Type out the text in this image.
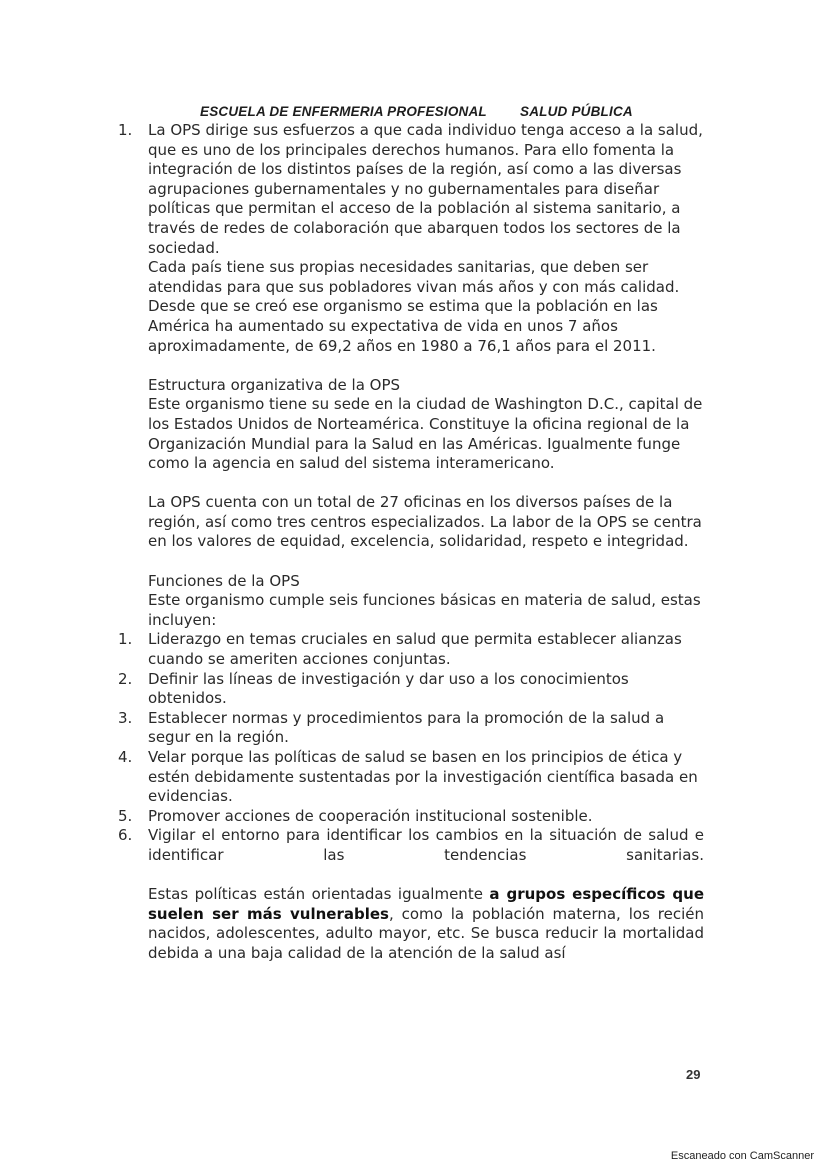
ESCUELA DE ENFERMERIA PROFESIONAL SALUD PÚBLICA
1.	La OPS dirige sus esfuerzos a que cada individuo tenga acceso a la salud, que es uno de los principales derechos humanos. Para ello fomenta la integración de los distintos países de la región, así como a las diversas agrupaciones gubernamentales y no gubernamentales para diseñar políticas que permitan el acceso de la población al sistema sanitario, a través de redes de colaboración que abarquen todos los sectores de la sociedad.

Cada país tiene sus propias necesidades sanitarias, que deben ser atendidas para que sus pobladores vivan más años y con más calidad. Desde que se creó ese organismo se estima que la población en las América ha aumentado su expectativa de vida en unos 7 años aproximadamente, de 69,2 años en 1980 a 76,1 años para el 2011.

Estructura organizativa de la OPS

Este organismo tiene su sede en la ciudad de Washington D.C., capital de los Estados Unidos de Norteamérica. Constituye la oficina regional de la Organización Mundial para la Salud en las Américas. Igualmente funge como la agencia en salud del sistema interamericano.

La OPS cuenta con un total de 27 oficinas en los diversos países de la región, así como tres centros especializados. La labor de la OPS se centra en los valores de equidad, excelencia, solidaridad, respeto e integridad.

Funciones de la OPS

Este organismo cumple seis funciones básicas en materia de salud, estas incluyen:

1.	Liderazgo en temas cruciales en salud que permita establecer alianzas cuando se ameriten acciones conjuntas.

2.	Definir las líneas de investigación y dar uso a los conocimientos obtenidos.

3.	Establecer normas y procedimientos para la promoción de la salud a segur en la región.

4.	Velar porque las políticas de salud se basen en los principios de ética y estén debidamente sustentadas por la investigación científica basada en evidencias.

5.	Promover acciones de cooperación institucional sostenible.

6.	Vigilar el entorno para identificar los cambios en la situación de salud e identificar las tendencias sanitarias.

Estas políticas están orientadas igualmente a grupos específicos que suelen ser más vulnerables, como la población materna, los recién nacidos, adolescentes, adulto mayor, etc. Se busca reducir la mortalidad debida a una baja calidad de la atención de la salud así

29
Escaneado con CamScanner
